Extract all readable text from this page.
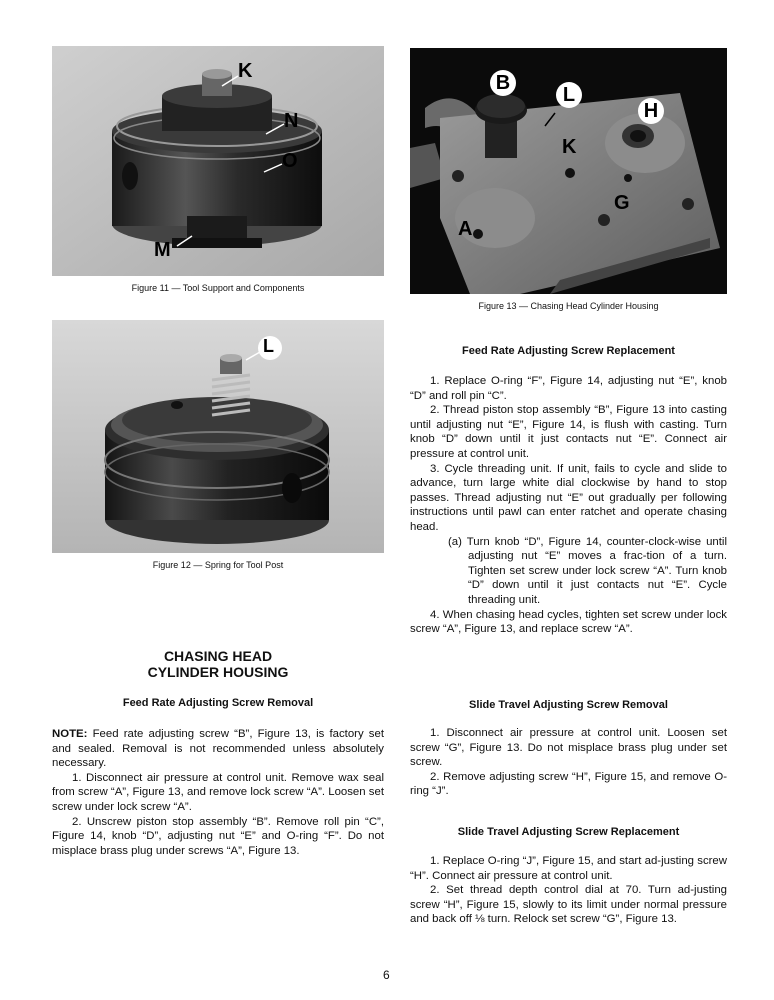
K
N
O
M
Figure 11 — Tool Support and Components
B
L
H
K
G
A
Figure 13 — Chasing Head Cylinder Housing
L
Figure 12 — Spring for Tool Post
CHASING HEAD
CYLINDER HOUSING
Feed Rate Adjusting Screw Removal

NOTE: Feed rate adjusting screw “B”, Figure 13, is factory set and sealed. Removal is not recommended unless absolutely necessary.

1. Disconnect air pressure at control unit. Remove wax seal from screw “A”, Figure 13, and remove lock screw “A”. Loosen set screw under lock screw “A”.

2. Unscrew piston stop assembly “B”. Remove roll pin “C”, Figure 14, knob “D”, adjusting nut “E” and O-ring “F”. Do not misplace brass plug under screws “A”, Figure 13.

Feed Rate Adjusting Screw Replacement

1. Replace O-ring “F”, Figure 14, adjusting nut “E”, knob “D” and roll pin “C”.

2. Thread piston stop assembly “B”, Figure 13 into casting until adjusting nut “E”, Figure 14, is flush with casting. Turn knob “D” down until it just contacts nut “E”. Connect air pressure at control unit.

3. Cycle threading unit. If unit, fails to cycle and slide to advance, turn large white dial clockwise by hand to stop passes. Thread adjusting nut “E” out gradually per following instructions until pawl can enter ratchet and operate chasing head.

(a) Turn knob “D”, Figure 14, counter-clock-wise until adjusting nut “E” moves a frac-tion of a turn. Tighten set screw under lock screw “A”. Turn knob “D” down until it just contacts nut “E”. Cycle threading unit.

4. When chasing head cycles, tighten set screw under lock screw “A”, Figure 13, and replace screw “A”.

Slide Travel Adjusting Screw Removal

1. Disconnect air pressure at control unit. Loosen set screw “G”, Figure 13. Do not misplace brass plug under set screw.

2. Remove adjusting screw “H”, Figure 15, and remove O-ring “J”.

Slide Travel Adjusting Screw Replacement

1. Replace O-ring “J”, Figure 15, and start ad-justing screw “H”. Connect air pressure at control unit.

2. Set thread depth control dial at 70. Turn ad-justing screw “H”, Figure 15, slowly to its limit under normal pressure and back off ⅛ turn. Relock set screw “G”, Figure 13.

6
